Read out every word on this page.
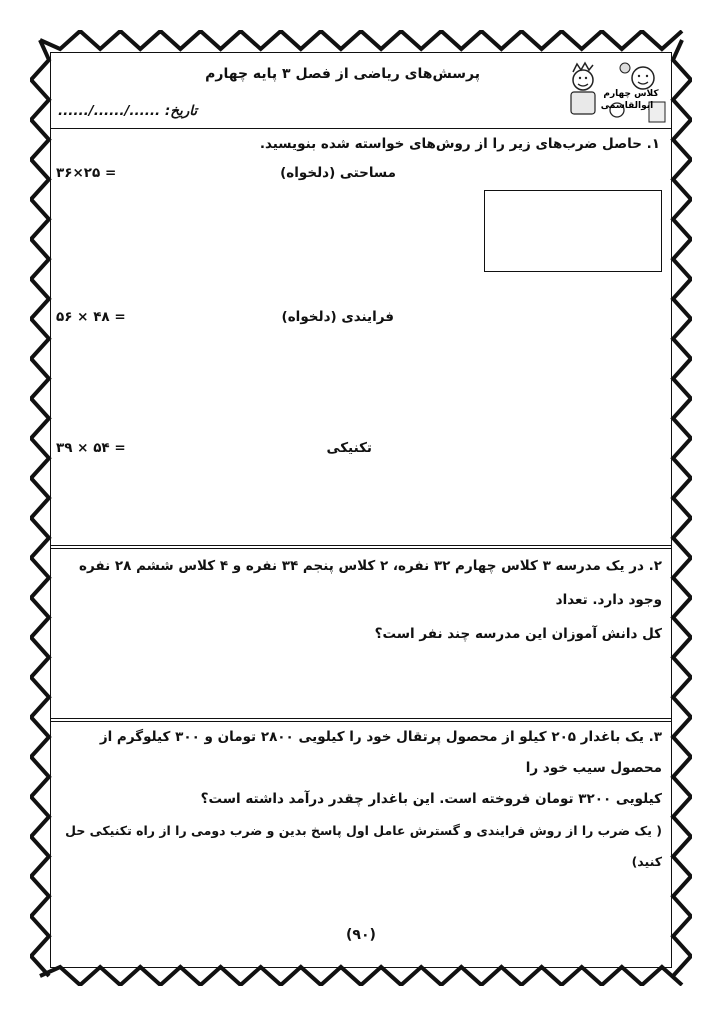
پرسش‌های ریاضی از فصل ۳ پایه چهارم
تاریخ: ....../....../......
کلاس چهارم
ابوالقاسمی
۱. حاصل ضرب‌های زیر را از روش‌های خواسته شده بنویسید.
مساحتی (دلخواه)
۳۶×۲۵ =
فرایندی (دلخواه)
۵۶ × ۴۸ =
تکنیکی
۳۹ × ۵۴ =
۲. در یک مدرسه ۳ کلاس چهارم ۳۲ نفره، ۲ کلاس پنجم ۳۴ نفره و ۴ کلاس ششم ۲۸ نفره وجود دارد. تعداد
کل دانش آموزان این مدرسه چند نفر است؟
۳. یک باغدار ۲۰۵ کیلو از محصول پرتقال خود را کیلویی ۲۸۰۰ تومان و ۳۰۰ کیلوگرم از محصول سیب خود را
کیلویی ۳۲۰۰ تومان فروخته است. این باغدار چقدر درآمد داشته است؟
( یک ضرب را از روش فرایندی و گسترش عامل اول پاسخ بدین و ضرب دومی را از راه تکنیکی حل کنید)
(۹۰)
